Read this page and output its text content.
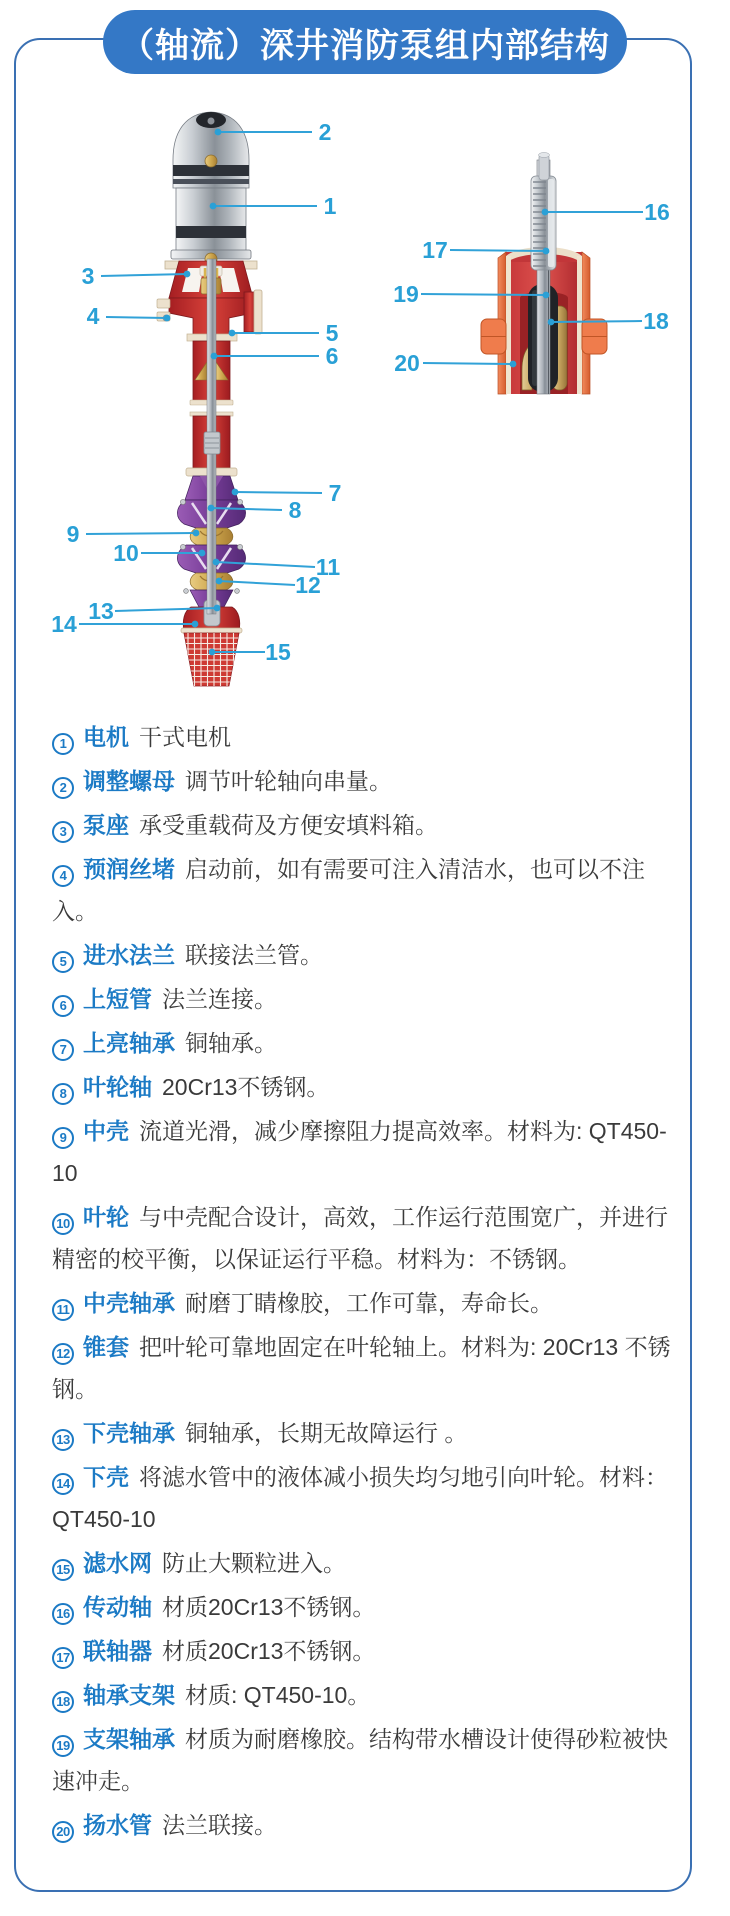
（轴流）深井消防泵组内部结构
2
1
3
4
5
6
7
8
9
10
11
12
13
14
15
16
17
18
19
20
1 电机 干式电机
2 调整螺母 调节叶轮轴向串量。
3 泵座 承受重载荷及方便安填料箱。
4 预润丝堵 启动前，如有需要可注入清洁水，也可以不注入。
5 进水法兰 联接法兰管。
6 上短管 法兰连接。
7 上亮轴承 铜轴承。
8 叶轮轴 20Cr13不锈钢。
9 中壳 流道光滑，减少摩擦阻力提高效率。材料为: QT450-10
10 叶轮 与中壳配合设计，高效，工作运行范围宽广，并进行精密的校平衡，以保证运行平稳。材料为：不锈钢。
11 中壳轴承 耐磨丁睛橡胶，工作可靠，寿命长。
12 锥套 把叶轮可靠地固定在叶轮轴上。材料为: 20Cr13 不锈钢。
13 下壳轴承 铜轴承，长期无故障运行 。
14 下壳 将滤水管中的液体减小损失均匀地引向叶轮。材料：QT450-10
15 滤水网 防止大颗粒进入。
16 传动轴 材质20Cr13不锈钢。
17 联轴器 材质20Cr13不锈钢。
18 轴承支架 材质: QT450-10。
19 支架轴承 材质为耐磨橡胶。结构带水槽设计使得砂粒被快速冲走。
20 扬水管 法兰联接。
